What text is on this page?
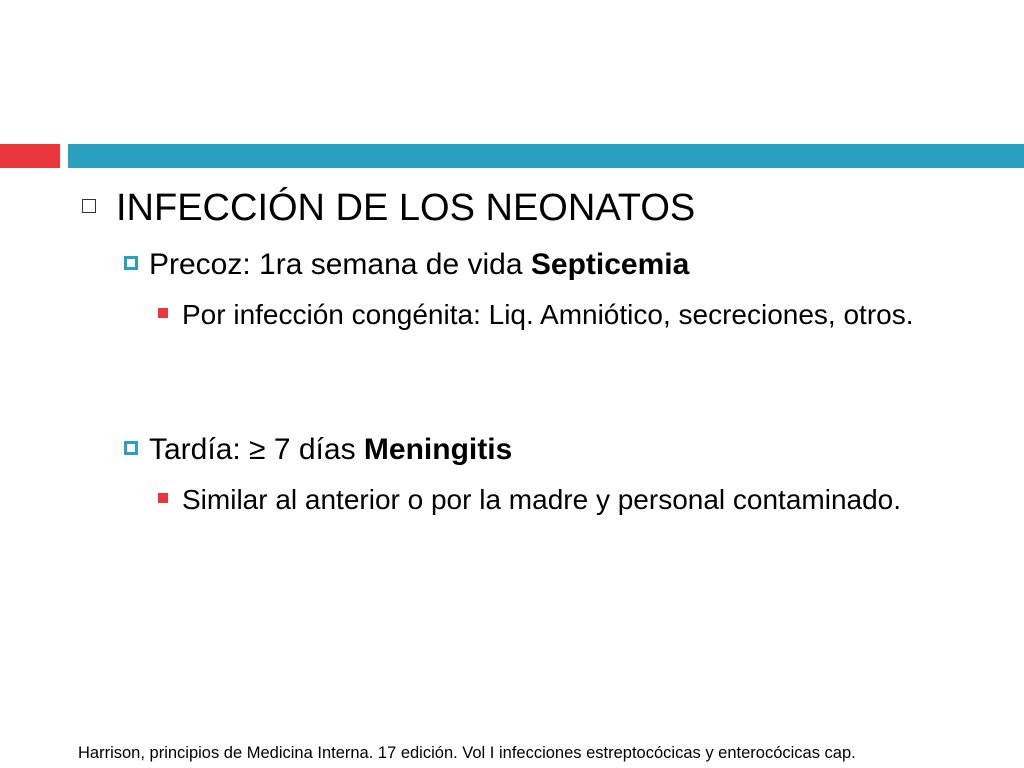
INFECCIÓN DE LOS NEONATOS
Precoz: 1ra semana de vida Septicemia
Por infección congénita: Liq. Amniótico, secreciones, otros.
Tardía: ≥ 7 días Meningitis
Similar al anterior o por la madre y personal contaminado.
Harrison, principios de Medicina Interna. 17 edición. Vol I infecciones estreptocócicas y enterocócicas cap.
